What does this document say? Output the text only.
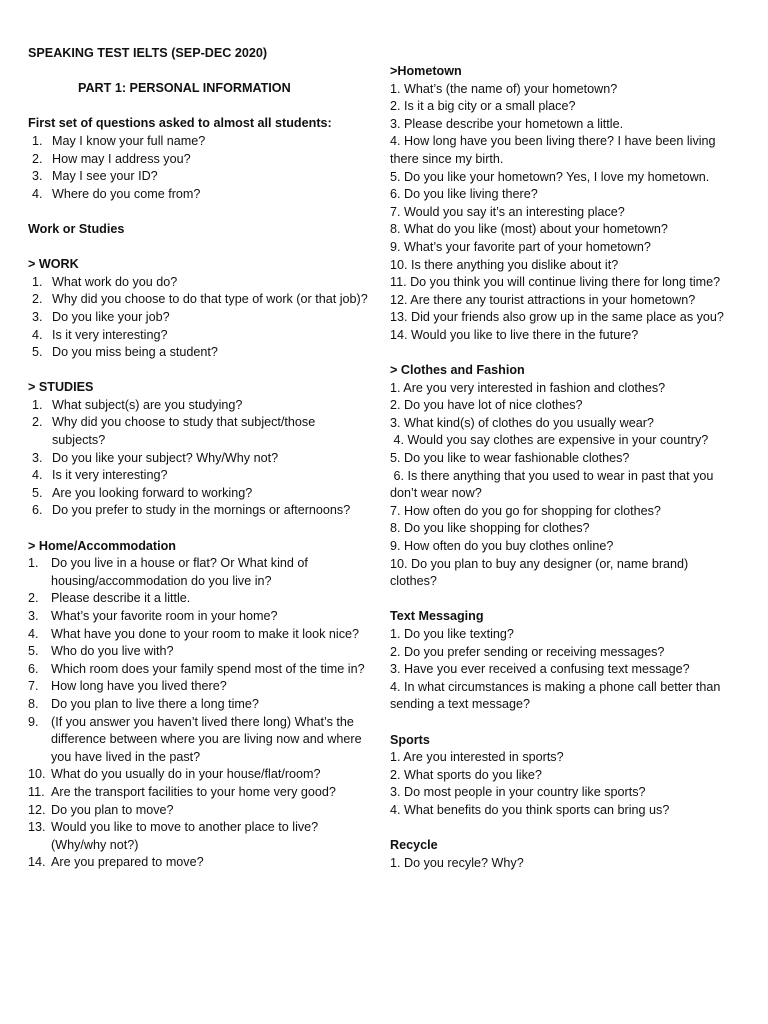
SPEAKING TEST IELTS (SEP-DEC 2020)
PART 1: PERSONAL INFORMATION
First set of questions asked to almost all students:
1. May I know your full name?
2. How may I address you?
3. May I see your ID?
4. Where do you come from?
Work or Studies
> WORK
1. What work do you do?
2. Why did you choose to do that type of work (or that job)?
3. Do you like your job?
4. Is it very interesting?
5. Do you miss being a student?
> STUDIES
1. What subject(s) are you studying?
2. Why did you choose to study that subject/those subjects?
3. Do you like your subject? Why/Why not?
4. Is it very interesting?
5. Are you looking forward to working?
6. Do you prefer to study in the mornings or afternoons?
> Home/Accommodation
1. Do you live in a house or flat? Or What kind of housing/accommodation do you live in?
2. Please describe it a little.
3. What’s your favorite room in your home?
4. What have you done to your room to make it look nice?
5. Who do you live with?
6. Which room does your family spend most of the time in?
7. How long have you lived there?
8. Do you plan to live there a long time?
9. (If you answer you haven’t lived there long) What’s the difference between where you are living now and where you have lived in the past?
10. What do you usually do in your house/flat/room?
11. Are the transport facilities to your home very good?
12. Do you plan to move?
13. Would you like to move to another place to live? (Why/why not?)
14. Are you prepared to move?
>Hometown
1. What’s (the name of) your hometown?
2. Is it a big city or a small place?
3. Please describe your hometown a little.
4. How long have you been living there? I have been living there since my birth.
5. Do you like your hometown? Yes, I love my hometown.
6. Do you like living there?
7. Would you say it’s an interesting place?
8. What do you like (most) about your hometown?
9. What’s your favorite part of your hometown?
10. Is there anything you dislike about it?
11. Do you think you will continue living there for long time?
12. Are there any tourist attractions in your hometown?
13. Did your friends also grow up in the same place as you?
14. Would you like to live there in the future?
> Clothes and Fashion
1. Are you very interested in fashion and clothes?
2. Do you have lot of nice clothes?
3. What kind(s) of clothes do you usually wear?
4. Would you say clothes are expensive in your country?
5. Do you like to wear fashionable clothes?
6. Is there anything that you used to wear in past that you don’t wear now?
7. How often do you go for shopping for clothes?
8. Do you like shopping for clothes?
9. How often do you buy clothes online?
10. Do you plan to buy any designer (or, name brand) clothes?
Text Messaging
1. Do you like texting?
2. Do you prefer sending or receiving messages?
3. Have you ever received a confusing text message?
4. In what circumstances is making a phone call better than sending a text message?
Sports
1. Are you interested in sports?
2. What sports do you like?
3. Do most people in your country like sports?
4. What benefits do you think sports can bring us?
Recycle
1. Do you recyle? Why?
